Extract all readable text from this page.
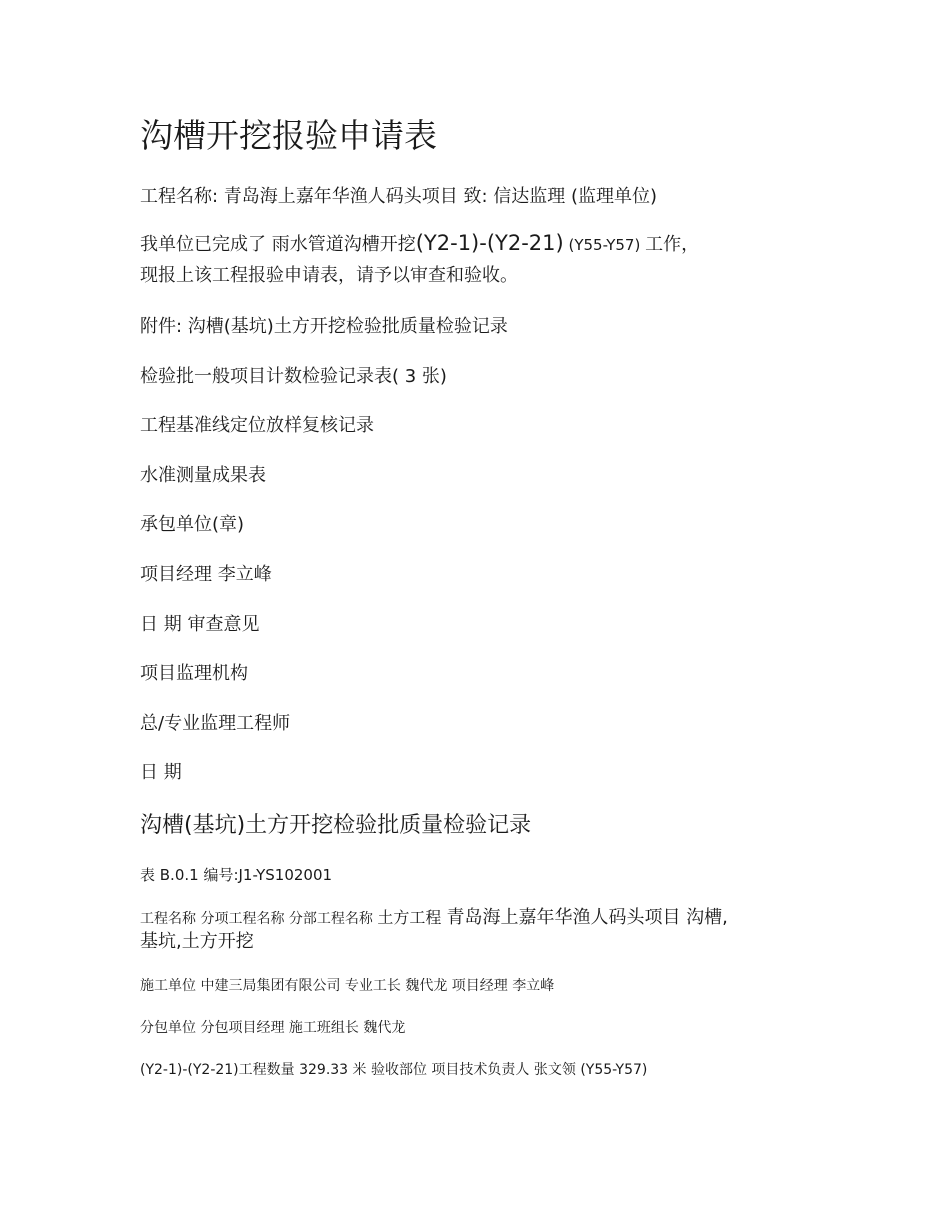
沟槽开挖报验申请表
工程名称: 青岛海上嘉年华渔人码头项目 致: 信达监理 (监理单位)
我单位已完成了 雨水管道沟槽开挖(Y2-1)-(Y2-21) (Y55-Y57) 工作，
现报上该工程报验申请表，请予以审查和验收。
附件: 沟槽(基坑)土方开挖检验批质量检验记录
检验批一般项目计数检验记录表( 3 张)
工程基准线定位放样复核记录
水准测量成果表
承包单位(章)
项目经理 李立峰
日 期 审查意见
项目监理机构
总/专业监理工程师
日 期
沟槽(基坑)土方开挖检验批质量检验记录
表 B.0.1 编号:J1-YS102001
工程名称 分项工程名称 分部工程名称 土方工程 青岛海上嘉年华渔人码头项目 沟槽,
基坑,土方开挖
施工单位 中建三局集团有限公司 专业工长 魏代龙 项目经理 李立峰
分包单位 分包项目经理 施工班组长 魏代龙
(Y2-1)-(Y2-21)工程数量 329.33 米 验收部位 项目技术负责人 张文领 (Y55-Y57)
